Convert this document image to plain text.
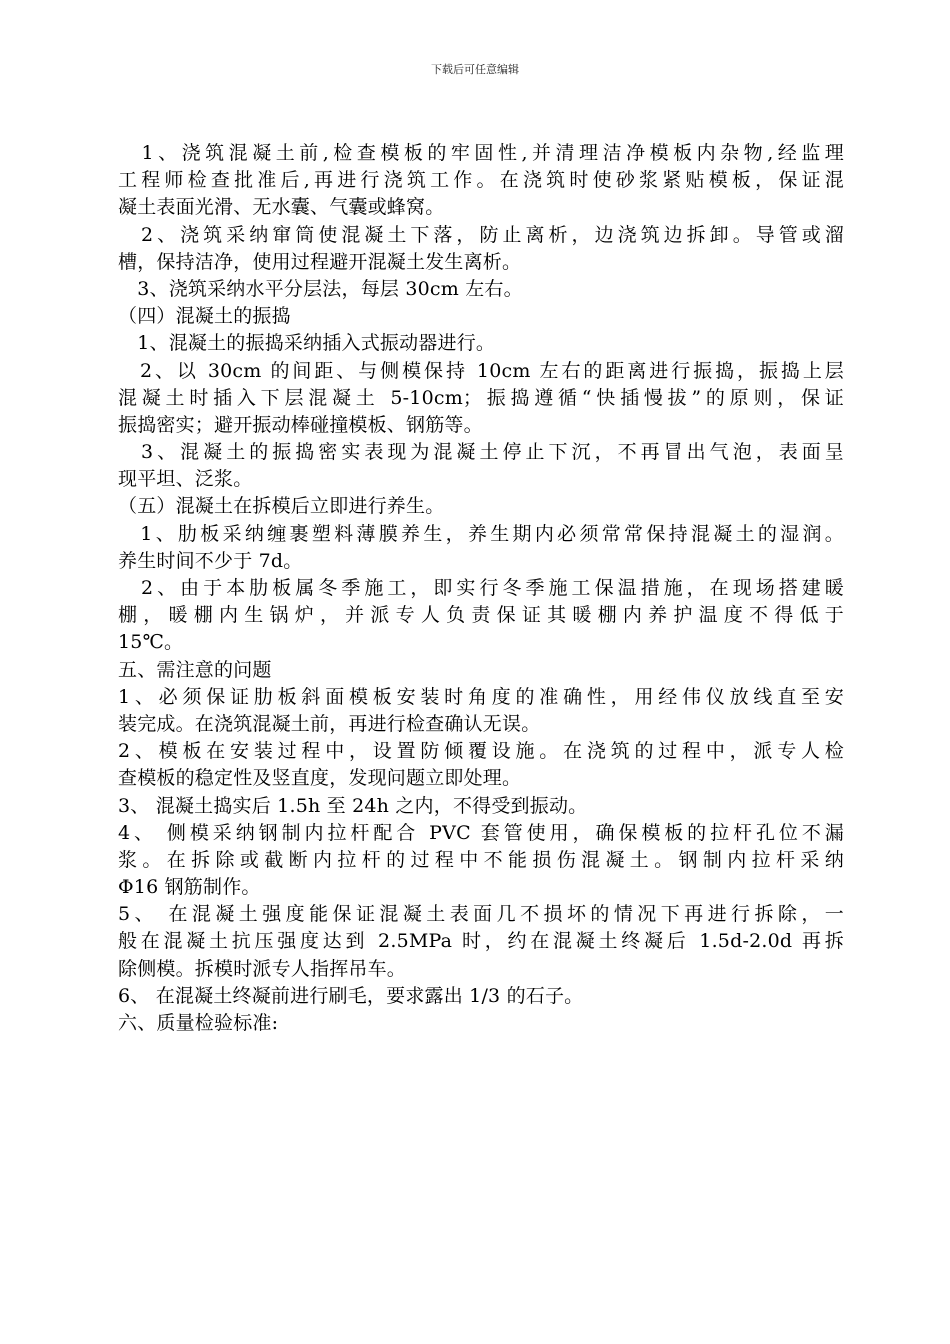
下载后可任意编辑
　1、浇筑混凝土前,检查模板的牢固性,并清理洁净模板内杂物,经监理
工程师检查批准后,再进行浇筑工作。在浇筑时使砂浆紧贴模板，保证混
凝土表面光滑、无水囊、气囊或蜂窝。
　2、浇筑采纳窜筒使混凝土下落，防止离析，边浇筑边拆卸。导管或溜
槽，保持洁净，使用过程避开混凝土发生离析。
　3、浇筑采纳水平分层法，每层 30cm 左右。
（四）混凝土的振捣
　1、混凝土的振捣采纳插入式振动器进行。
　2、以 30cm 的间距、与侧模保持 10cm 左右的距离进行振捣，振捣上层
混凝土时插入下层混凝土 5-10cm；振捣遵循“快插慢拔”的原则，保证
振捣密实；避开振动棒碰撞模板、钢筋等。
　3、混凝土的振捣密实表现为混凝土停止下沉，不再冒出气泡，表面呈
现平坦、泛浆。
（五）混凝土在拆模后立即进行养生。
　1、肋板采纳缠裹塑料薄膜养生，养生期内必须常常保持混凝土的湿润。
养生时间不少于 7d。
　2、由于本肋板属冬季施工，即实行冬季施工保温措施，在现场搭建暖
棚，暖棚内生锅炉，并派专人负责保证其暖棚内养护温度不得低于
15℃。
五、需注意的问题
1、必须保证肋板斜面模板安装时角度的准确性，用经伟仪放线直至安
装完成。在浇筑混凝土前，再进行检查确认无误。
2、模板在安装过程中，设置防倾覆设施。在浇筑的过程中，派专人检
查模板的稳定性及竖直度，发现问题立即处理。
3、 混凝土捣实后 1.5h 至 24h 之内，不得受到振动。
4、 侧模采纳钢制内拉杆配合 PVC 套管使用，确保模板的拉杆孔位不漏
浆。在拆除或截断内拉杆的过程中不能损伤混凝土。钢制内拉杆采纳
Φ16 钢筋制作。
5、 在混凝土强度能保证混凝土表面几不损坏的情况下再进行拆除，一
般在混凝土抗压强度达到 2.5MPa 时，约在混凝土终凝后 1.5d-2.0d 再拆
除侧模。拆模时派专人指挥吊车。
6、 在混凝土终凝前进行刷毛，要求露出 1/3 的石子。
六、质量检验标准:
